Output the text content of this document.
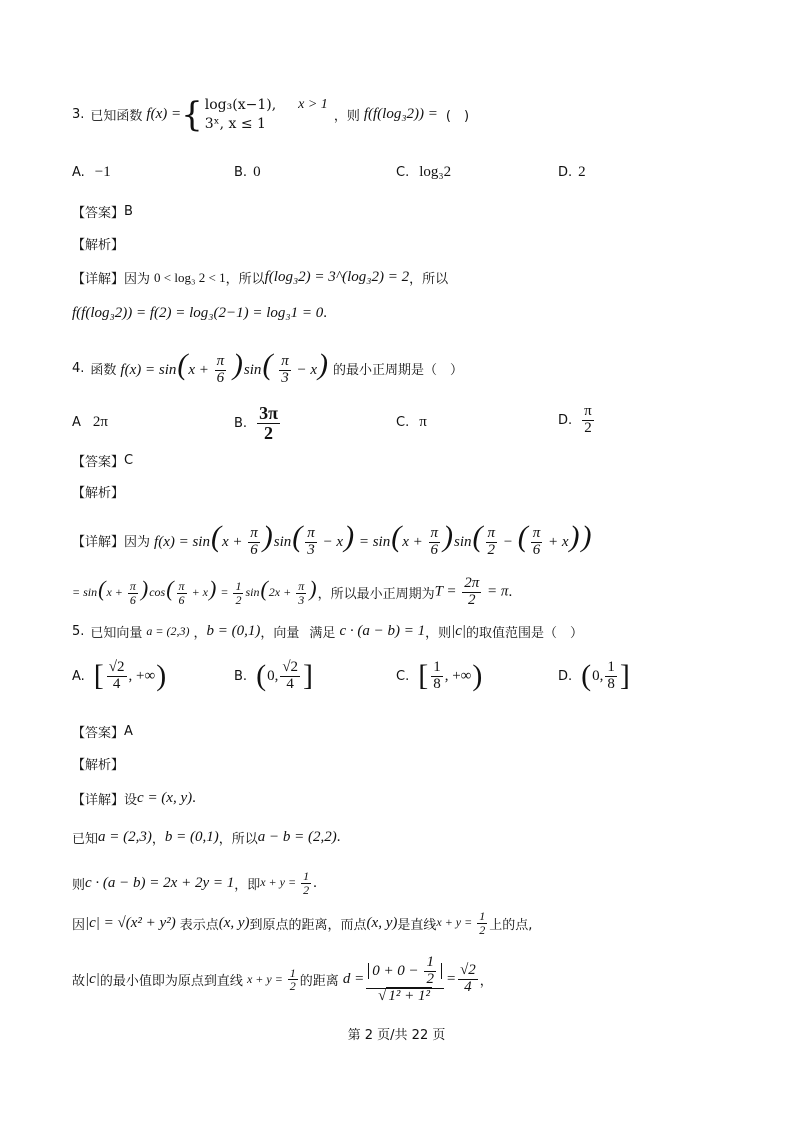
3. 已知函数 f(x) = { log₃(x−1), x > 1
3ˣ, x ≤ 1	，则 f(f(log₃2)) = (　)
A. −1	B. 0	C. log₃2	D. 2
【答案】 B
【解析】
【详解】 因为 0 < log₃ 2 < 1 ，所以 f(log₃2) = 3^(log₃2) = 2 ，所以
f(f(log₃2)) = f(2) = log₃(2−1) = log₃1 = 0 .
4. 函数 $f(x) = \sin(x + \frac{\pi}{6} )\sin( \frac{\pi}{3} - x)$ 的最小正周期是（　）
A 2π	B. $\frac{3\pi}{2}$	C. π	D. $\frac{\pi}{2}$
【答案】 C
【解析】
【详解】 因为 $f(x) = \sin(x + \frac{\pi}{6} )\sin( \frac{\pi}{3} - x) = \sin(x + \frac{\pi}{6} )\sin( \frac{\pi}{2}$ − ( $\frac{\pi}{6} + x$))
= $\sin(x + \frac{\pi}{6} )\cos( \frac{\pi}{6} + x) = \frac{1}{2} \sin(2x + \frac{\pi}{3}$ ) ，所以最小正周期为 $T = \frac{2\pi}{2} = \pi$ .
5. 已知向量 a = (2,3) ， b = (0,1) ，向量 满足 c · (a − b) = 1 ，则 |c| 的取值范围是（　）
A. [ $\frac{√2}{4}$ , +∞ )	B. ( 0, $\frac{√2}{4}$ ]	C. [ $\frac{1}{8}$ , +∞ )	D. ( 0, $\frac{1}{8}$ ]
【答案】 A
【解析】
【详解】 设 c = (x, y) .
已知 a = (2,3) ， b = (0,1) ，所以 a − b = (2,2) .
则 c · (a − b) = 2x + 2y = 1 ，即 $x + y = \frac{1}{2}$ .
因 |c| = √(x² + y²) 表示点 (x, y) 到原点的距离，而点 (x, y) 是直线 $x + y = \frac{1}{2}$ 上的点,
故 |c| 的最小值即为原点到直线 $x + y = \frac{1}{2}$ 的距离 $d = \frac{0 + 0 - \frac{1}{2}}{\text{√ 1² + 1²}} = \frac{√2}{4}$ ，
第 2 页/共 22 页
